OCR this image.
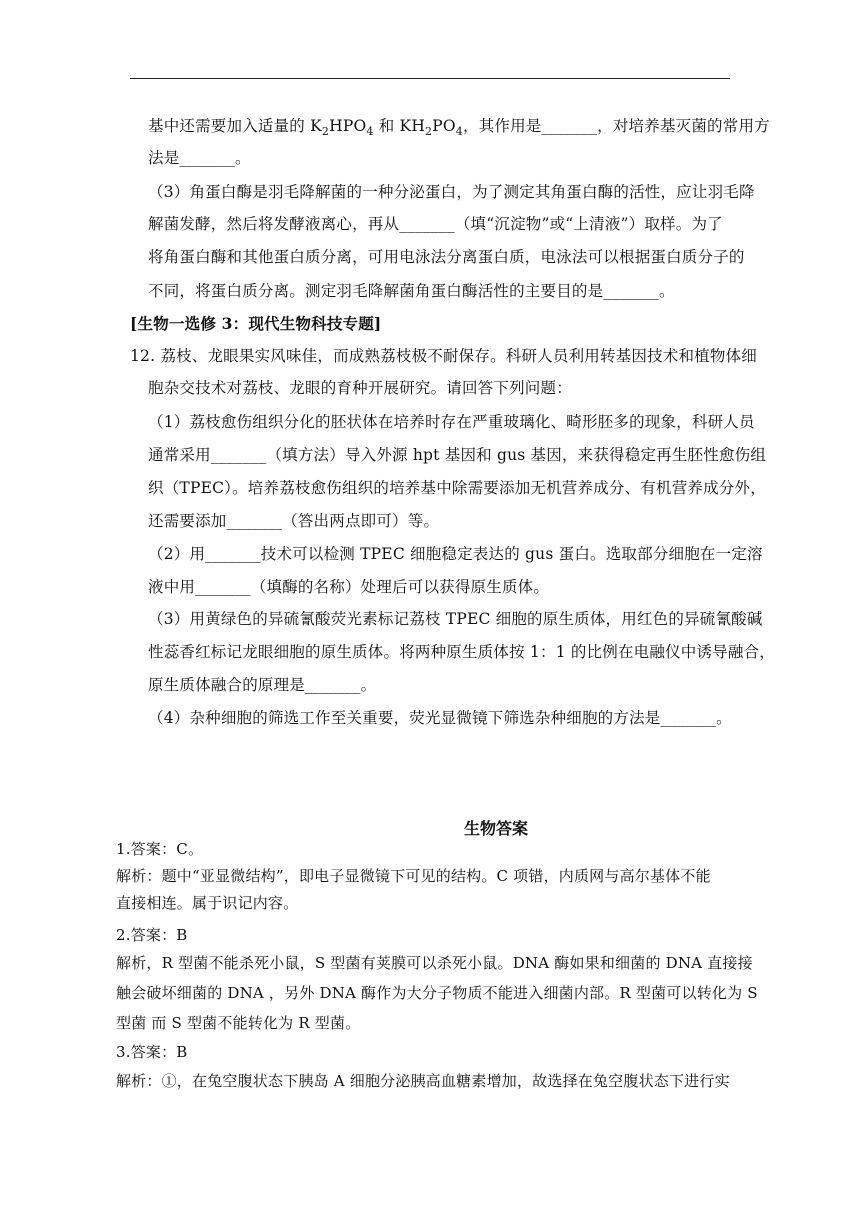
基中还需要加入适量的 $K_2HPO_4$ 和 $KH_2PO_4$，其作用是_______，对培养基灭菌的常用方
法是_______。
（3）角蛋白酶是羽毛降解菌的一种分泌蛋白，为了测定其角蛋白酶的活性，应让羽毛降
解菌发酵，然后将发酵液离心，再从_______（填“沉淀物”或“上清液”）取样。为了
将角蛋白酶和其他蛋白质分离，可用电泳法分离蛋白质，电泳法可以根据蛋白质分子的
不同，将蛋白质分离。测定羽毛降解菌角蛋白酶活性的主要目的是_______。
[生物一选修 3：现代生物科技专题]
12. 荔枝、龙眼果实风味佳，而成熟荔枝极不耐保存。科研人员利用转基因技术和植物体细
胞杂交技术对荔枝、龙眼的育种开展研究。请回答下列问题：
（1）荔枝愈伤组织分化的胚状体在培养时存在严重玻璃化、畸形胚多的现象，科研人员
通常采用_______（填方法）导入外源 hpt 基因和 gus 基因，来获得稳定再生胚性愈伤组
织（TPEC）。培养荔枝愈伤组织的培养基中除需要添加无机营养成分、有机营养成分外，
还需要添加_______（答出两点即可）等。
（2）用_______技术可以检测 TPEC 细胞稳定表达的 gus 蛋白。选取部分细胞在一定溶
液中用_______（填酶的名称）处理后可以获得原生质体。
（3）用黄绿色的异硫氰酸荧光素标记荔枝 TPEC 细胞的原生质体，用红色的异硫氰酸碱
性蕊香红标记龙眼细胞的原生质体。将两种原生质体按 1：1 的比例在电融仪中诱导融合，
原生质体融合的原理是_______。
（4）杂种细胞的筛选工作至关重要，荧光显微镜下筛选杂种细胞的方法是_______。
生物答案
1.答案：C。
解析：题中“亚显微结构”，即电子显微镜下可见的结构。C 项错，内质网与高尔基体不能
直接相连。属于识记内容。
2.答案：B
解析，R 型菌不能杀死小鼠，S 型菌有荚膜可以杀死小鼠。DNA 酶如果和细菌的 DNA 直接接
触会破坏细菌的 DNA ，另外 DNA 酶作为大分子物质不能进入细菌内部。R 型菌可以转化为 S
型菌 而 S 型菌不能转化为 R 型菌。
3.答案：B
解析：①，在兔空腹状态下胰岛 A 细胞分泌胰高血糖素增加，故选择在兔空腹状态下进行实
